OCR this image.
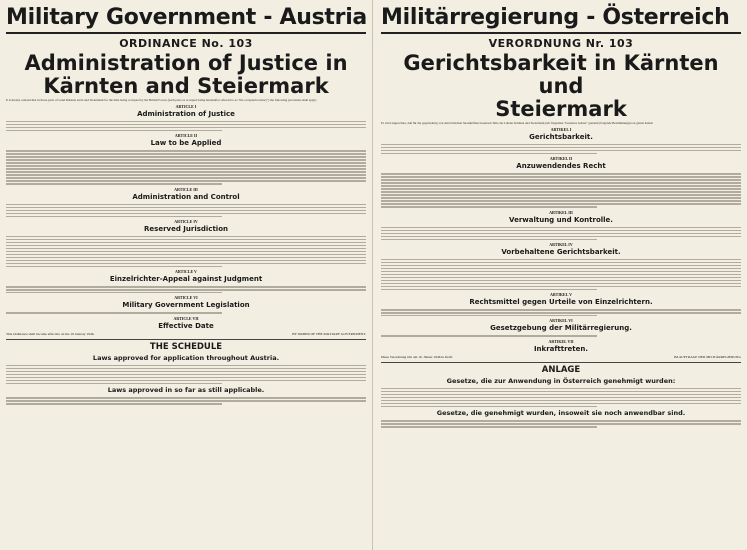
Military Government - Austria
ORDINANCE No. 103
Administration of Justice in
Kärnten and Steiermark
It is hereby ordered that in those parts of Land Kärnten and Land Steiermark for the time being occupied by the British Forces (such parts as occupied being hereinafter referred to as "the occupied territory") the following provisions shall apply:
ARTICLE I
Administration of Justice
ARTICLE II
Law to be Applied
ARTICLE III
Administration and Control
ARTICLE IV
Reserved Jurisdiction
ARTICLE V
Einzelrichter-Appeal against Judgment
ARTICLE VI
Military Government Legislation
ARTICLE VII
Effective Date
This Ordinance shall become effective on the 10 January 1946.	BY ORDER OF THE MILITARY GOVERNMENT.
THE SCHEDULE
Laws approved for application throughout Austria.
Laws approved in so far as still applicable.
Militärregierung - Österreich
VERORDNUNG Nr. 103
Gerichtsbarkeit in Kärnten und
Steiermark
Es wird angeordnet, daß für die gegenwärtig von den britischen Streitkräften besetzten Teile der Länder Kärnten und Steiermark (im folgenden "besetztes Gebiet" genannt) folgende Bestimmungen zu gelten haben:
ARTIKEL I
Gerichtsbarkeit.
ARTIKEL II
Anzuwendendes Recht
ARTIKEL III
Verwaltung und Kontrolle.
ARTIKEL IV
Vorbehaltene Gerichtsbarkeit.
ARTIKEL V
Rechtsmittel gegen Urteile von Einzelrichtern.
ARTIKEL VI
Gesetzgebung der Militärregierung.
ARTIKEL VII
Inkrafttreten.
Diese Verordnung tritt am 10. Jänner 1946 in Kraft.	IM AUFTRAGE DER MILITÄRREGIERUNG
ANLAGE
Gesetze, die zur Anwendung in Österreich genehmigt wurden:
Gesetze, die genehmigt wurden, insoweit sie noch anwendbar sind.
